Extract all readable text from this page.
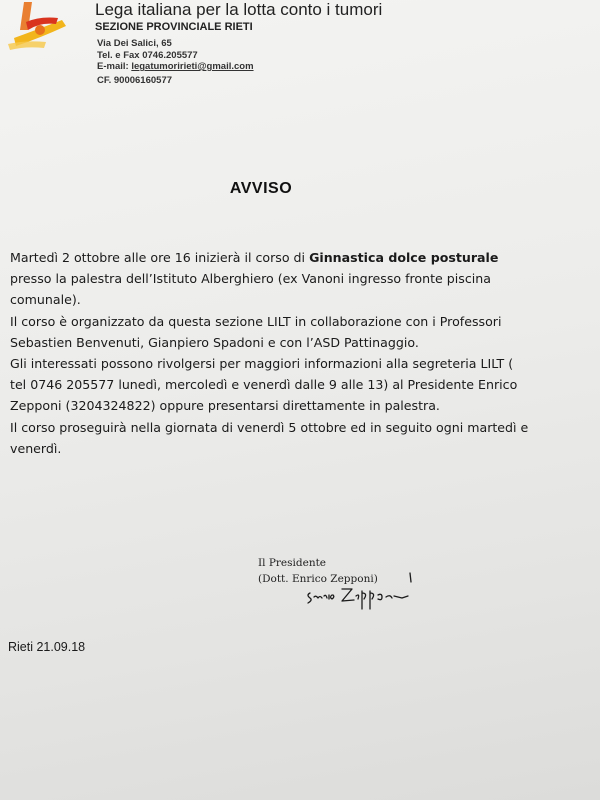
Lega italiana per la lotta conto i tumori
SEZIONE PROVINCIALE RIETI
Via Dei Salici, 65
Tel. e Fax 0746.205577
E-mail: legatumoririeti@gmail.com
CF. 90006160577
AVVISO

Martedì 2 ottobre alle ore 16 inizierà il corso di Ginnastica dolce posturale presso la palestra dell’Istituto Alberghiero (ex Vanoni ingresso fronte piscina comunale).

Il corso è organizzato da questa sezione LILT in collaborazione con i Professori Sebastien Benvenuti, Gianpiero Spadoni e con l’ASD Pattinaggio.

Gli interessati possono rivolgersi per maggiori informazioni alla segreteria LILT ( tel 0746 205577 lunedì, mercoledì e venerdì dalle 9 alle 13) al Presidente Enrico Zepponi (3204324822) oppure presentarsi direttamente in palestra.

Il corso proseguirà nella giornata di venerdì 5 ottobre ed in seguito ogni martedì e venerdì.

Il Presidente
(Dott. Enrico Zepponi)
Rieti 21.09.18
